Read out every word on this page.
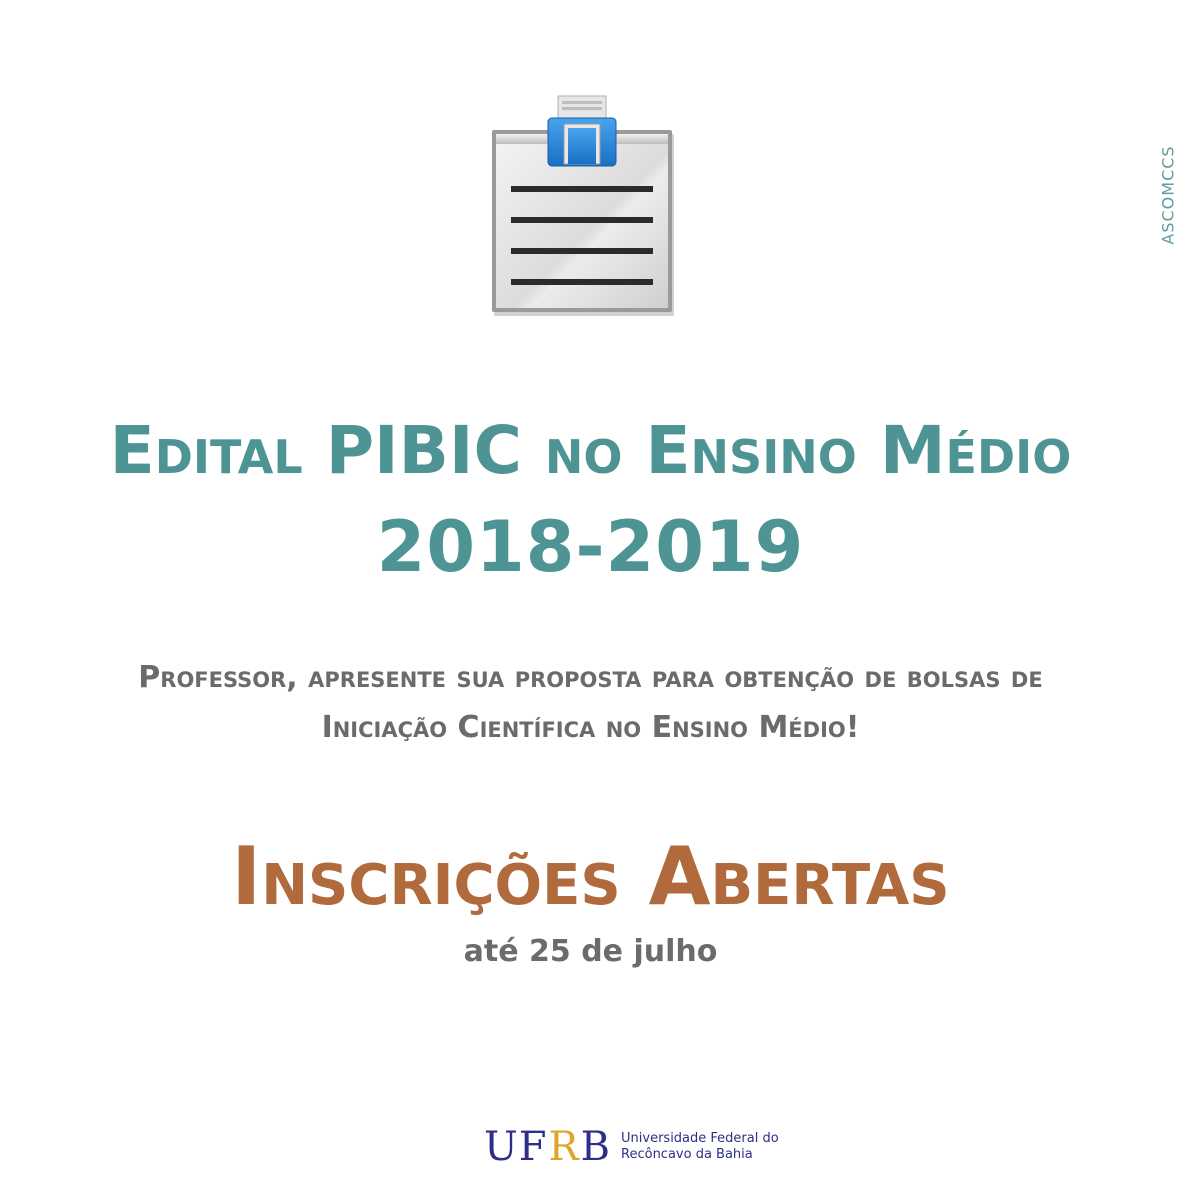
ASCOMCCS
Edital PIBIC no Ensino Médio
2018-2019

Professor, apresente sua proposta para obtenção de bolsas de

Iniciação Científica no Ensino Médio!

Inscrições Abertas

até 25 de julho

U F R B Universidade Federal do
Recôncavo da Bahia
